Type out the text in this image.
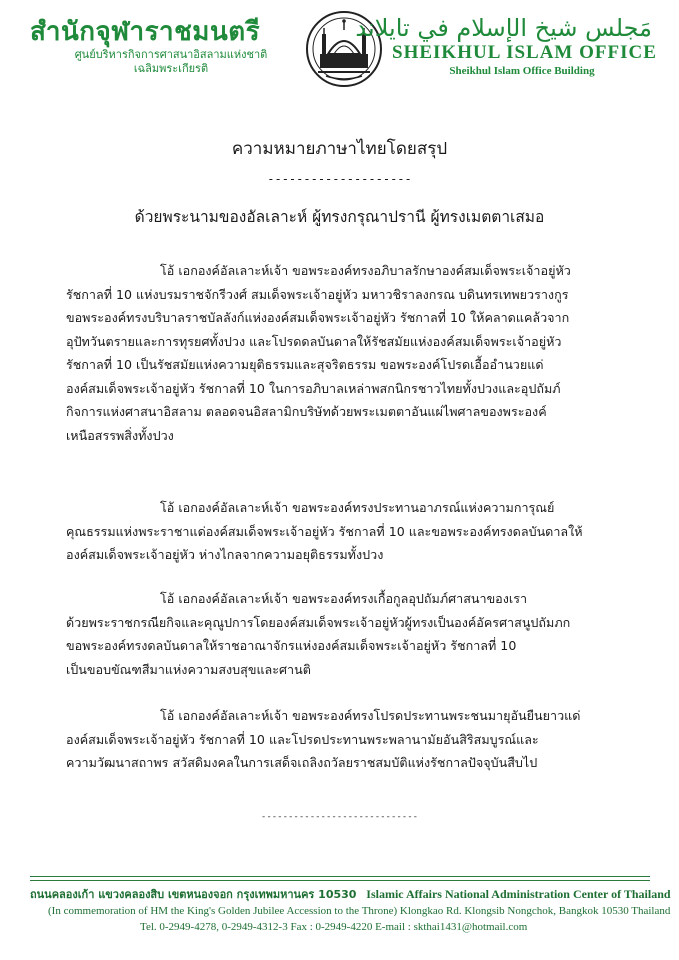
สำนักจุฬาราชมนตรี
ศูนย์บริหารกิจการศาสนาอิสลามแห่งชาติ เฉลิมพระเกียรติ
مَجلس شيخ الإسلام في تايلاند
SHEIKHUL ISLAM OFFICE
Sheikhul Islam Office Building
ความหมายภาษาไทยโดยสรุป
--------------------
ด้วยพระนามของอัลเลาะห์ ผู้ทรงกรุณาปรานี ผู้ทรงเมตตาเสมอ
โอ้ เอกองค์อัลเลาะห์เจ้า ขอพระองค์ทรงอภิบาลรักษาองค์สมเด็จพระเจ้าอยู่หัว
รัชกาลที่ 10 แห่งบรมราชจักรีวงศ์ สมเด็จพระเจ้าอยู่หัว มหาวชิราลงกรณ บดินทรเทพยวรางกูร
ขอพระองค์ทรงบริบาลราชบัลลังก์แห่งองค์สมเด็จพระเจ้าอยู่หัว รัชกาลที่ 10 ให้คลาดแคล้วจาก
อุปัทวันตรายและการทุรยศทั้งปวง และโปรดดลบันดาลให้รัชสมัยแห่งองค์สมเด็จพระเจ้าอยู่หัว
รัชกาลที่ 10 เป็นรัชสมัยแห่งความยุติธรรมและสุจริตธรรม ขอพระองค์โปรดเอื้ออำนวยแด่
องค์สมเด็จพระเจ้าอยู่หัว รัชกาลที่ 10 ในการอภิบาลเหล่าพสกนิกรชาวไทยทั้งปวงและอุปถัมภ์
กิจการแห่งศาสนาอิสลาม ตลอดจนอิสลามิกบริษัทด้วยพระเมตตาอันแผ่ไพศาลของพระองค์
เหนือสรรพสิ่งทั้งปวง
โอ้ เอกองค์อัลเลาะห์เจ้า ขอพระองค์ทรงประทานอาภรณ์แห่งความการุณย์
คุณธรรมแห่งพระราชาแด่องค์สมเด็จพระเจ้าอยู่หัว รัชกาลที่ 10 และขอพระองค์ทรงดลบันดาลให้
องค์สมเด็จพระเจ้าอยู่หัว ห่างไกลจากความอยุติธรรมทั้งปวง
โอ้ เอกองค์อัลเลาะห์เจ้า ขอพระองค์ทรงเกื้อกูลอุปถัมภ์ศาสนาของเรา
ด้วยพระราชกรณียกิจและคุณูปการโดยองค์สมเด็จพระเจ้าอยู่หัวผู้ทรงเป็นองค์อัครศาสนูปถัมภก
ขอพระองค์ทรงดลบันดาลให้ราชอาณาจักรแห่งองค์สมเด็จพระเจ้าอยู่หัว รัชกาลที่ 10
เป็นขอบขัณฑสีมาแห่งความสงบสุขและศานติ
โอ้ เอกองค์อัลเลาะห์เจ้า ขอพระองค์ทรงโปรดประทานพระชนมายุอันยืนยาวแด่
องค์สมเด็จพระเจ้าอยู่หัว รัชกาลที่ 10 และโปรดประทานพระพลานามัยอันสิริสมบูรณ์และ
ความวัฒนาสถาพร สวัสดิมงคลในการเสด็จเถลิงถวัลยราชสมบัติแห่งรัชกาลปัจจุบันสืบไป
-----------------------------
ถนนคลองเก้า แขวงคลองสิบ เขตหนองจอก กรุงเทพมหานคร 10530 Islamic Affairs National Administration Center of Thailand
(In commemoration of HM the King's Golden Jubilee Accession to the Throne) Klongkao Rd. Klongsib Nongchok, Bangkok 10530 Thailand
Tel. 0-2949-4278, 0-2949-4312-3 Fax : 0-2949-4220 E-mail : skthai1431@hotmail.com
